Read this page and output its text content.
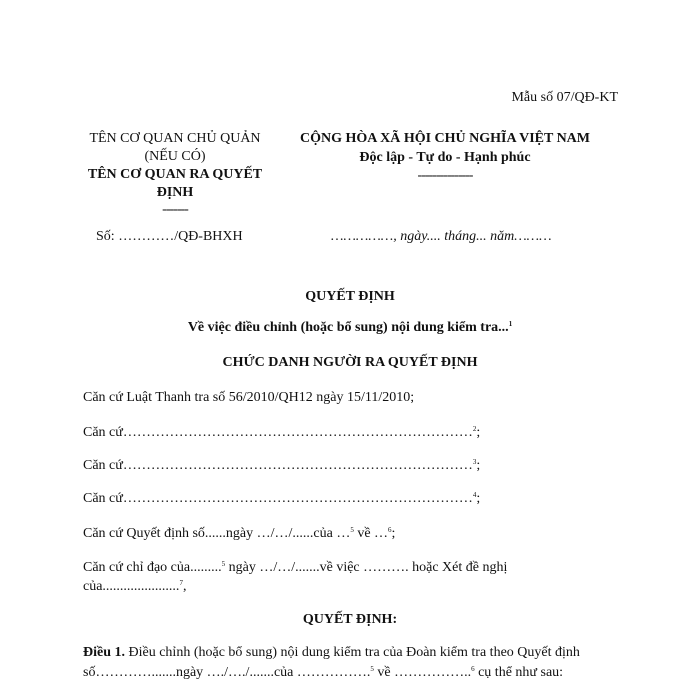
Mẫu số 07/QĐ-KT
TÊN CƠ QUAN CHỦ QUẢN
(NẾU CÓ)
TÊN CƠ QUAN RA QUYẾT
ĐỊNH
-------
CỘNG HÒA XÃ HỘI CHỦ NGHĨA VIỆT NAM
Độc lập - Tự do - Hạnh phúc
---------------
Số: …………/QĐ-BHXH	……………, ngày.... tháng... năm………
QUYẾT ĐỊNH
Về việc điều chỉnh (hoặc bổ sung) nội dung kiểm tra...$^1$
CHỨC DANH NGƯỜI RA QUYẾT ĐỊNH
Căn cứ Luật Thanh tra số 56/2010/QH12 ngày 15/11/2010;
Căn cứ…………………………………………………………………$^2$;
Căn cứ…………………………………………………………………$^3$;
Căn cứ…………………………………………………………………$^4$;
Căn cứ Quyết định số......ngày …/…/......của …$^5$ về …$^6$;
Căn cứ chỉ đạo của.........$^5$ ngày …/…/.......về việc ………. hoặc Xét đề nghị
của......................$^7$,
QUYẾT ĐỊNH:
Điều 1. Điều chỉnh (hoặc bổ sung) nội dung kiểm tra của Đoàn kiểm tra theo Quyết định
số………….......ngày …./…./.......của …………….$^5$ về ……………..$^6$ cụ thể như sau:
